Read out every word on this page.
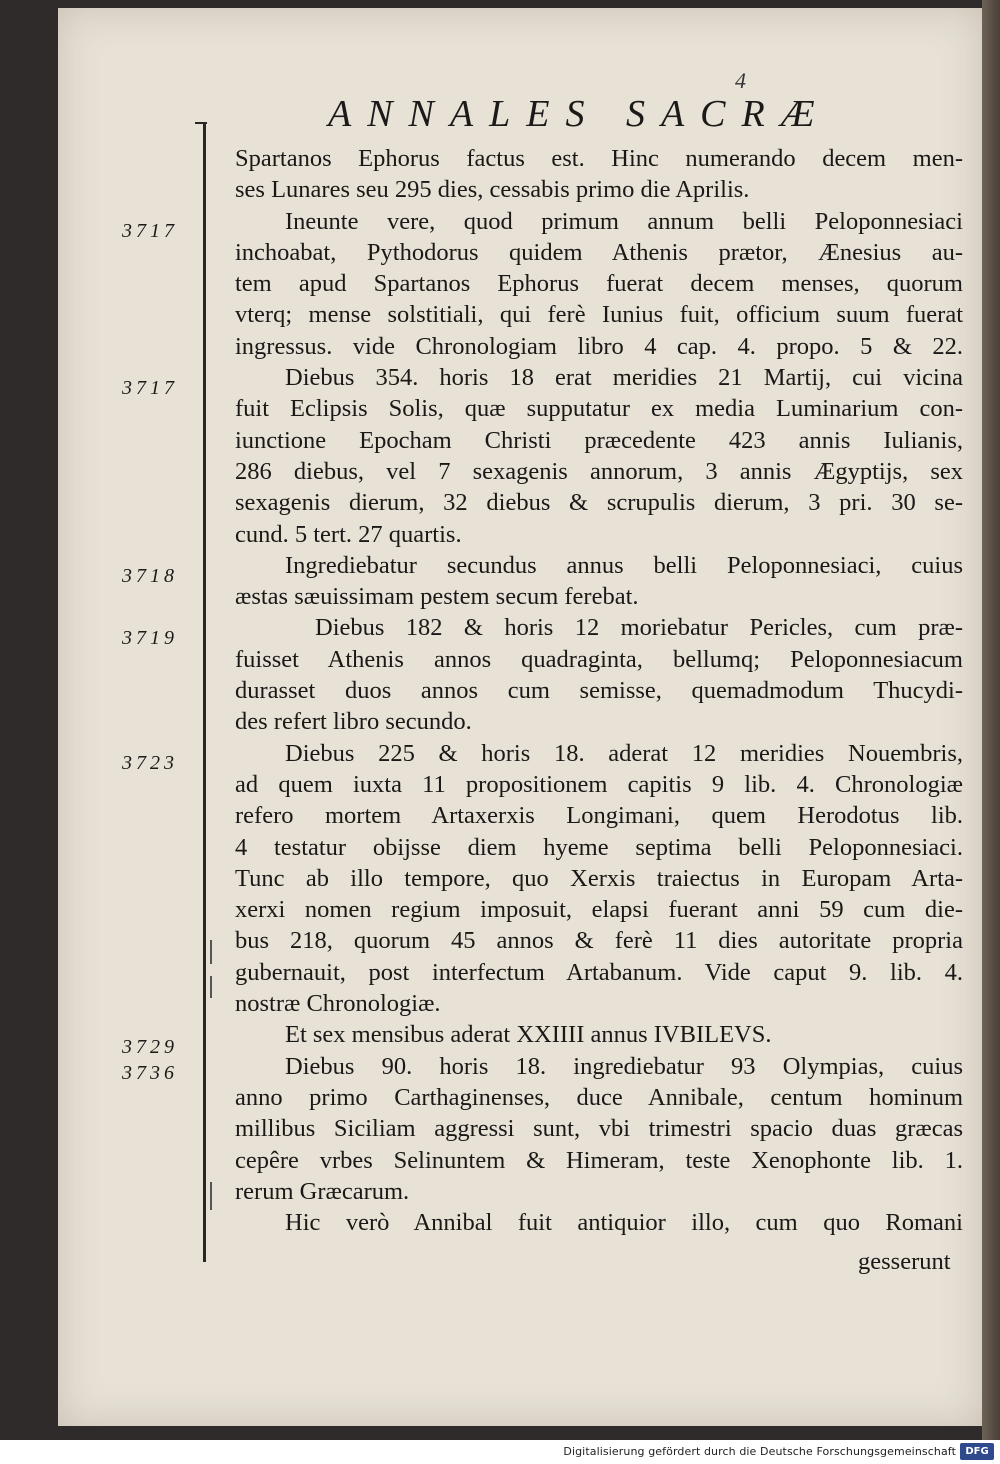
4
ANNALES SACRÆ
3717
3717
3718
3719
3723
3729
3736
Spartanos Ephorus factus est. Hinc numerando decem men-
ses Lunares seu 295 dies, cessabis primo die Aprilis.
Ineunte vere, quod primum annum belli Peloponnesiaci
inchoabat, Pythodorus quidem Athenis prætor, Ænesius au-
tem apud Spartanos Ephorus fuerat decem menses, quorum
vterq; mense solstitiali, qui ferè Iunius fuit, officium suum fuerat
ingressus. vide Chronologiam libro 4 cap. 4. propo. 5 & 22.
Diebus 354. horis 18 erat meridies 21 Martij, cui vicina
fuit Eclipsis Solis, quæ supputatur ex media Luminarium con-
iunctione Epocham Christi præcedente 423 annis Iulianis,
286 diebus, vel 7 sexagenis annorum, 3 annis Ægyptijs, sex
sexagenis dierum, 32 diebus & scrupulis dierum, 3 pri. 30 se-
cund. 5 tert. 27 quartis.
Ingrediebatur secundus annus belli Peloponnesiaci, cuius
æstas sæuissimam pestem secum ferebat.
Diebus 182 & horis 12 moriebatur Pericles, cum præ-
fuisset Athenis annos quadraginta, bellumq; Peloponnesiacum
durasset duos annos cum semisse, quemadmodum Thucydi-
des refert libro secundo.
Diebus 225 & horis 18. aderat 12 meridies Nouembris,
ad quem iuxta 11 propositionem capitis 9 lib. 4. Chronologiæ
refero mortem Artaxerxis Longimani, quem Herodotus lib.
4 testatur obijsse diem hyeme septima belli Peloponnesiaci.
Tunc ab illo tempore, quo Xerxis traiectus in Europam Arta-
xerxi nomen regium imposuit, elapsi fuerant anni 59 cum die-
bus 218, quorum 45 annos & ferè 11 dies autoritate propria
gubernauit, post interfectum Artabanum. Vide caput 9. lib. 4.
nostræ Chronologiæ.
Et sex mensibus aderat XXIIII annus IVBILEVS.
Diebus 90. horis 18. ingrediebatur 93 Olympias, cuius
anno primo Carthaginenses, duce Annibale, centum hominum
millibus Siciliam aggressi sunt, vbi trimestri spacio duas græcas
cepêre vrbes Selinuntem & Himeram, teste Xenophonte lib. 1.
rerum Græcarum.
Hic verò Annibal fuit antiquior illo, cum quo Romani
gesserunt
Digitalisierung gefördert durch die Deutsche Forschungsgemeinschaft DFG
